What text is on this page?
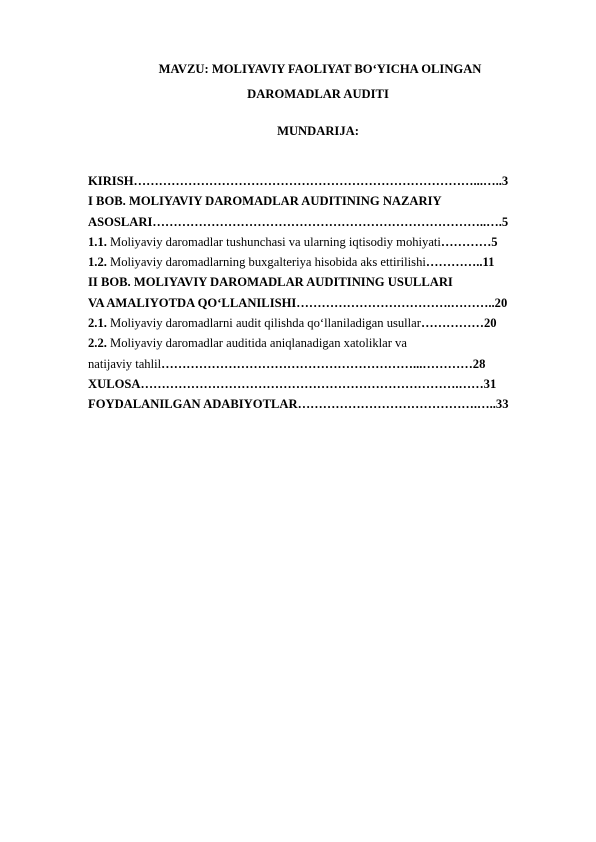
MAVZU: MOLIYAVIY FAOLIYAT BO‘YICHA OLINGAN
DAROMADLAR AUDITI
MUNDARIJA:
KIRISH………………………………………………………………………...…..3
I BOB. MOLIYAVIY DAROMADLAR AUDITINING NAZARIY
ASOSLARI……………………………………………………………………..….5
1.1. Moliyaviy daromadlar tushunchasi va ularning iqtisodiy mohiyati…………5
1.2. Moliyaviy daromadlarning buxgalteriya hisobida aks ettirilishi…………..11
II BOB. MOLIYAVIY DAROMADLAR AUDITINING USULLARI
VA AMALIYOTDA QO‘LLANILISHI……………………………….………..20
2.1. Moliyaviy daromadlarni audit qilishda qo‘llaniladigan usullar……………20
2.2. Moliyaviy daromadlar auditida aniqlanadigan xatoliklar va
natijaviy tahlil……………………………………………………...…………28
XULOSA………………………………………………………………….……31
FOYDALANILGAN ADABIYOTLAR…………………………………….…..33
